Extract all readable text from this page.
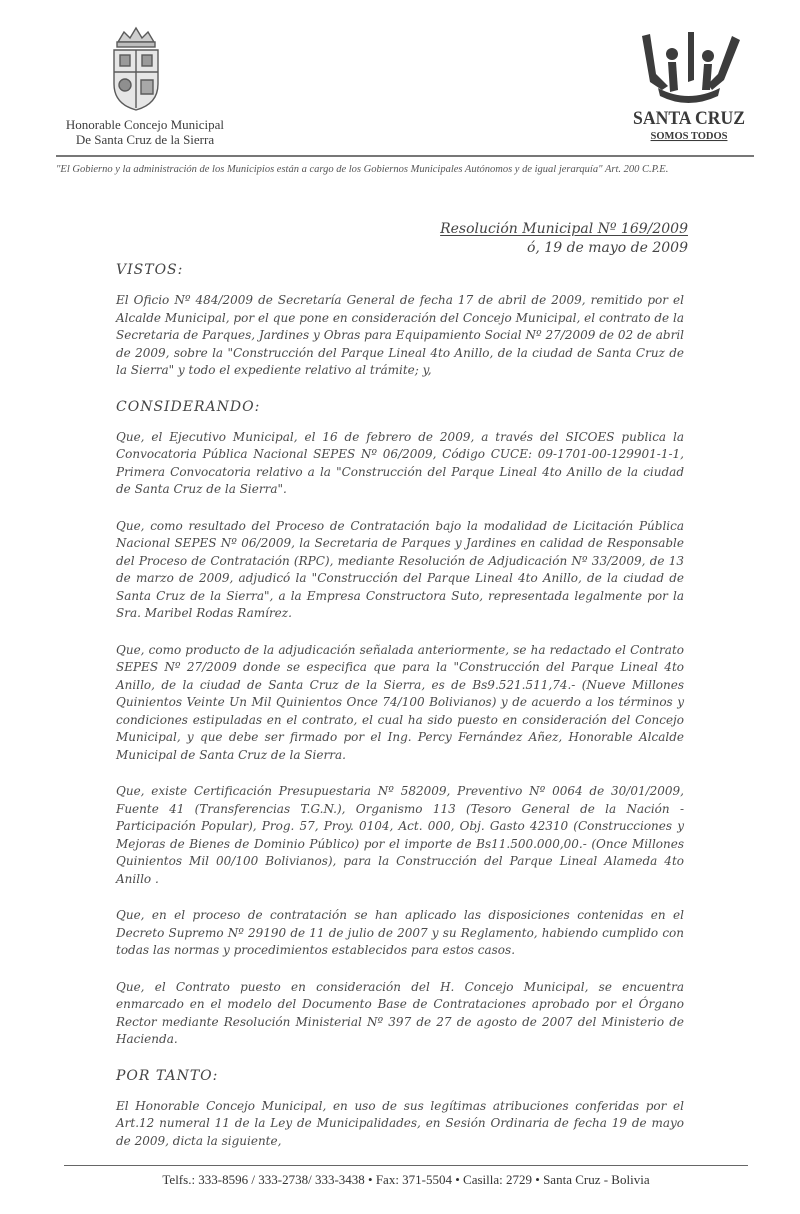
Honorable Concejo Municipal
De Santa Cruz de la Sierra
SANTA CRUZ
SOMOS TODOS
"El Gobierno y la administración de los Municipios están a cargo de los Gobiernos Municipales Autónomos y de igual jerarquía" Art. 200 C.P.E.
Resolución Municipal Nº 169/2009
ó, 19 de mayo de 2009
VISTOS:

El Oficio Nº 484/2009 de Secretaría General de fecha 17 de abril de 2009, remitido por el Alcalde Municipal, por el que pone en consideración del Concejo Municipal, el contrato de la Secretaria de Parques, Jardines y Obras para Equipamiento Social Nº 27/2009 de 02 de abril de 2009, sobre la "Construcción del Parque Lineal 4to Anillo, de la ciudad de Santa Cruz de la Sierra" y todo el expediente relativo al trámite; y,

CONSIDERANDO:

Que, el Ejecutivo Municipal, el 16 de febrero de 2009, a través del SICOES publica la Convocatoria Pública Nacional SEPES Nº 06/2009, Código CUCE: 09-1701-00-129901-1-1, Primera Convocatoria relativo a la "Construcción del Parque Lineal 4to Anillo de la ciudad de Santa Cruz de la Sierra".

Que, como resultado del Proceso de Contratación bajo la modalidad de Licitación Pública Nacional SEPES Nº 06/2009, la Secretaria de Parques y Jardines en calidad de Responsable del Proceso de Contratación (RPC), mediante Resolución de Adjudicación Nº 33/2009, de 13 de marzo de 2009, adjudicó la "Construcción del Parque Lineal 4to Anillo, de la ciudad de Santa Cruz de la Sierra", a la Empresa Constructora Suto, representada legalmente por la Sra. Maribel Rodas Ramírez.

Que, como producto de la adjudicación señalada anteriormente, se ha redactado el Contrato SEPES Nº 27/2009 donde se especifica que para la "Construcción del Parque Lineal 4to Anillo, de la ciudad de Santa Cruz de la Sierra, es de Bs9.521.511,74.- (Nueve Millones Quinientos Veinte Un Mil Quinientos Once 74/100 Bolivianos) y de acuerdo a los términos y condiciones estipuladas en el contrato, el cual ha sido puesto en consideración del Concejo Municipal, y que debe ser firmado por el Ing. Percy Fernández Añez, Honorable Alcalde Municipal de Santa Cruz de la Sierra.

Que, existe Certificación Presupuestaria Nº 582009, Preventivo Nº 0064 de 30/01/2009, Fuente 41 (Transferencias T.G.N.), Organismo 113 (Tesoro General de la Nación - Participación Popular), Prog. 57, Proy. 0104, Act. 000, Obj. Gasto 42310 (Construcciones y Mejoras de Bienes de Dominio Público) por el importe de Bs11.500.000,00.- (Once Millones Quinientos Mil 00/100 Bolivianos), para la Construcción del Parque Lineal Alameda 4to Anillo .

Que, en el proceso de contratación se han aplicado las disposiciones contenidas en el Decreto Supremo Nº 29190 de 11 de julio de 2007 y su Reglamento, habiendo cumplido con todas las normas y procedimientos establecidos para estos casos.

Que, el Contrato puesto en consideración del H. Concejo Municipal, se encuentra enmarcado en el modelo del Documento Base de Contrataciones aprobado por el Órgano Rector mediante Resolución Ministerial Nº 397 de 27 de agosto de 2007 del Ministerio de Hacienda.

POR TANTO:

El Honorable Concejo Municipal, en uso de sus legítimas atribuciones conferidas por el Art.12 numeral 11 de la Ley de Municipalidades, en Sesión Ordinaria de fecha 19 de mayo de 2009, dicta la siguiente,

Telfs.: 333-8596 / 333-2738/ 333-3438 • Fax: 371-5504 • Casilla: 2729 • Santa Cruz - Bolivia
